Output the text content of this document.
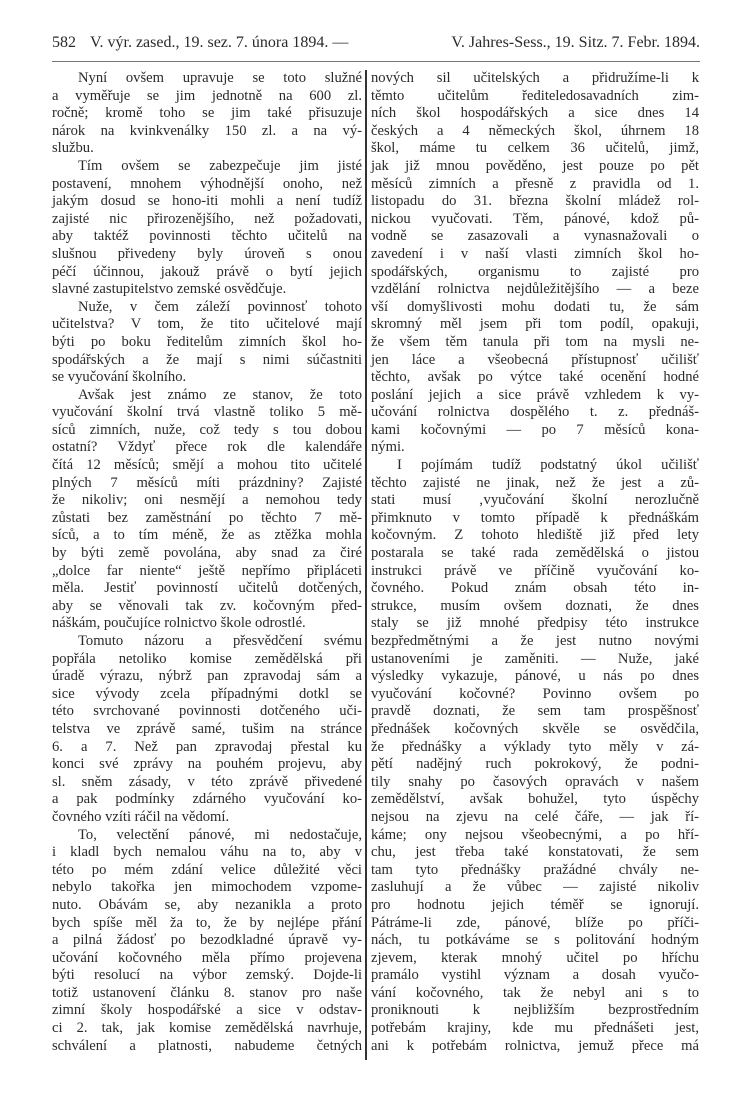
582 V. výr. zased., 19. sez. 7. února 1894. —	V. Jahres-Sess., 19. Sitz. 7. Febr. 1894.
Nyní ovšem upravuje se toto služné
a vyměřuje se jim jednotně na 600 zl.
ročně; kromě toho se jim také přisuzuje
nárok na kvinkvenálky 150 zl. a na vý-
službu.
Tím ovšem se zabezpečuje jim jisté
postavení, mnohem výhodnější onoho, než
jakým dosud se hono-iti mohli a není tudíž
zajisté nic přirozenějšího, než požadovati,
aby taktéž povinnosti těchto učitelů na
slušnou přivedeny byly úroveň s onou
péčí účinnou, jakouž právě o bytí jejich
slavné zastupitelstvo zemské osvědčuje.
Nuže, v čem záleží povinnosť tohoto
učitelstva? V tom, že tito učitelové mají
býti po boku ředitelům zimních škol ho-
spodářských a že mají s nimi súčastniti
se vyučování školního.
Avšak jest známo ze stanov, že toto
vyučování školní trvá vlastně toliko 5 mě-
síců zimních, nuže, což tedy s tou dobou
ostatní? Vždyť přece rok dle kalendáře
čítá 12 měsíců; smějí a mohou tito učitelé
plných 7 měsíců míti prázdniny? Zajisté
že nikoliv; oni nesmějí a nemohou tedy
zůstati bez zaměstnání po těchto 7 mě-
síců, a to tím méně, že as ztěžka mohla
by býti země povolána, aby snad za čiré
„dolce far niente“ ještě nepřímo připláceti
měla. Jestiť povinností učitelů dotčených,
aby se věnovali tak zv. kočovným před-
náškám, poučujíce rolnictvo škole odrostlé.
Tomuto názoru a přesvědčení svému
popřála netoliko komise zemědělská při
úradě výrazu, nýbrž pan zpravodaj sám a
sice vývody zcela případnými dotkl se
této svrchované povinnosti dotčeného uči-
telstva ve zprávě samé, tušim na stránce
6. a 7. Než pan zpravodaj přestal ku
konci své zprávy na pouhém projevu, aby
sl. sněm zásady, v této zprávě přivedené
a pak podmínky zdárného vyučování ko-
čovného vzíti ráčil na vědomí.
To, velectění pánové, mi nedostačuje,
i kladl bych nemalou váhu na to, aby v
této po mém zdání velice důležité věci
nebylo takořka jen mimochodem vzpome-
nuto. Obávám se, aby nezanikla a proto
bych spíše měl ža to, že by nejlépe přání
a pilná žádosť po bezodkladné úpravě vy-
učování kočovného měla přímo projevena
býti resolucí na výbor zemský. Dojde-li
totiž ustanovení článku 8. stanov pro naše
zimní školy hospodářské a sice v odstav-
ci 2. tak, jak komise zemědělská navrhuje,
schválení a platnosti, nabudeme četných
nových sil učitelských a přidružíme-li k
těmto učitelům řediteledosavadních zim-
ních škol hospodářských a sice dnes 14
českých a 4 německých škol, úhrnem 18
škol, máme tu celkem 36 učitelů, jimž,
jak již mnou pověděno, jest pouze po pět
měsíců zimních a přesně z pravidla od 1.
listopadu do 31. března školní mládež rol-
nickou vyučovati. Těm, pánové, kdož pů-
vodně se zasazovali a vynasnažovali o
zavedení i v naší vlasti zimních škol ho-
spodářských, organismu to zajisté pro
vzdělání rolnictva nejdůležitějšího — a beze
vší domyšlivosti mohu dodati tu, že sám
skromný měl jsem při tom podíl, opakuji,
že všem těm tanula při tom na mysli ne-
jen láce a všeobecná přístupnosť učilišť
těchto, avšak po výtce také ocenění hodné
poslání jejich a sice právě vzhledem k vy-
učování rolnictva dospělého t. z. přednáš-
kami kočovnými — po 7 měsíců kona-
nými.
I pojímám tudíž podstatný úkol učilišť
těchto zajisté ne jinak, než že jest a zů-
stati musí ‚vyučování školní nerozlučně
přimknuto v tomto případě k přednáškám
kočovným. Z tohoto hlediště již před lety
postarala se také rada zemědělská o jistou
instrukci právě ve příčině vyučování ko-
čovného. Pokud znám obsah této in-
strukce, musím ovšem doznati, že dnes
staly se již mnohé předpisy této instrukce
bezpředmětnými a že jest nutno novými
ustanoveními je zaměniti. — Nuže, jaké
výsledky vykazuje, pánové, u nás po dnes
vyučování kočovné? Povinno ovšem po
pravdě doznati, že sem tam prospěšnosť
přednášek kočovných skvěle se osvědčila,
že přednášky a výklady tyto měly v zá-
pětí nadějný ruch pokrokový, že podni-
tily snahy po časových opravách v našem
zemědělství, avšak bohužel, tyto úspěchy
nejsou na zjevu na celé čáře, — jak ří-
káme; ony nejsou všeobecnými, a po hří-
chu, jest třeba také konstatovati, že sem
tam tyto přednášky pražádné chvály ne-
zasluhují a že vůbec — zajisté nikoliv
pro hodnotu jejich téměř se ignorují.
Pátráme-li zde, pánové, blíže po příči-
nách, tu potkáváme se s politování hodným
zjevem, kterak mnohý učitel po hříchu
pramálo vystihl význam a dosah vyučo-
vání kočovného, tak že nebyl ani s to
proniknouti k nejbližším bezprostředním
potřebám krajiny, kde mu přednášeti jest,
ani k potřebám rolnictva, jemuž přece má
